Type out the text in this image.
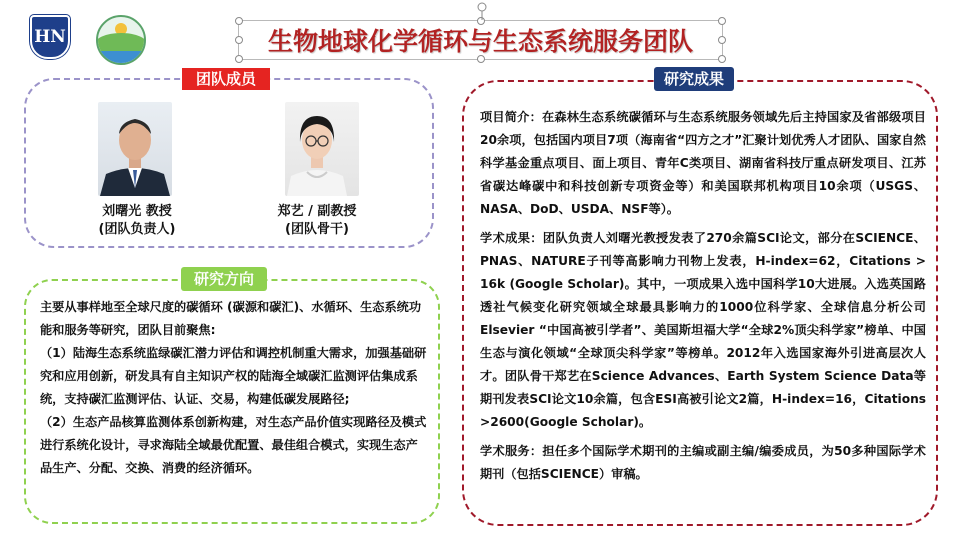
HN	生物地球化学循环与生态系统服务团队
团队成员
刘曙光 教授
(团队负责人)
郑艺 / 副教授
(团队骨干)
研究方向

主要从事样地至全球尺度的碳循环 (碳源和碳汇)、水循环、生态系统功能和服务等研究，团队目前聚焦:

（1）陆海生态系统监绿碳汇潜力评估和调控机制重大需求，加强基础研究和应用创新，研发具有自主知识产权的陆海全域碳汇监测评估集成系统，支持碳汇监测评估、认证、交易，构建低碳发展路径;

（2）生态产品核算监测体系创新构建，对生态产品价值实现路径及模式进行系统化设计，寻求海陆全域最优配置、最佳组合模式，实现生态产品生产、分配、交换、消费的经济循环。

研究成果

项目简介：在森林生态系统碳循环与生态系统服务领域先后主持国家及省部级项目20余项，包括国内项目7项（海南省“四方之才”汇聚计划优秀人才团队、国家自然科学基金重点项目、面上项目、青年C类项目、湖南省科技厅重点研发项目、江苏省碳达峰碳中和科技创新专项资金等）和美国联邦机构项目10余项（USGS、NASA、DoD、USDA、NSF等）。

学术成果：团队负责人刘曙光教授发表了270余篇SCI论文，部分在SCIENCE、PNAS、NATURE子刊等高影响力刊物上发表，H-index=62，Citations > 16k (Google Scholar)。其中，一项成果入选中国科学10大进展。入选英国路透社气候变化研究领域全球最具影响力的1000位科学家、全球信息分析公司Elsevier “中国高被引学者”、美国斯坦福大学“全球2%顶尖科学家”榜单、中国生态与演化领域“全球顶尖科学家”等榜单。2012年入选国家海外引进高层次人才。团队骨干郑艺在Science Advances、Earth System Science Data等期刊发表SCI论文10余篇，包含ESI高被引论文2篇，H-index=16，Citations >2600(Google Scholar)。

学术服务：担任多个国际学术期刊的主编或副主编/编委成员，为50多种国际学术期刊（包括SCIENCE）审稿。
